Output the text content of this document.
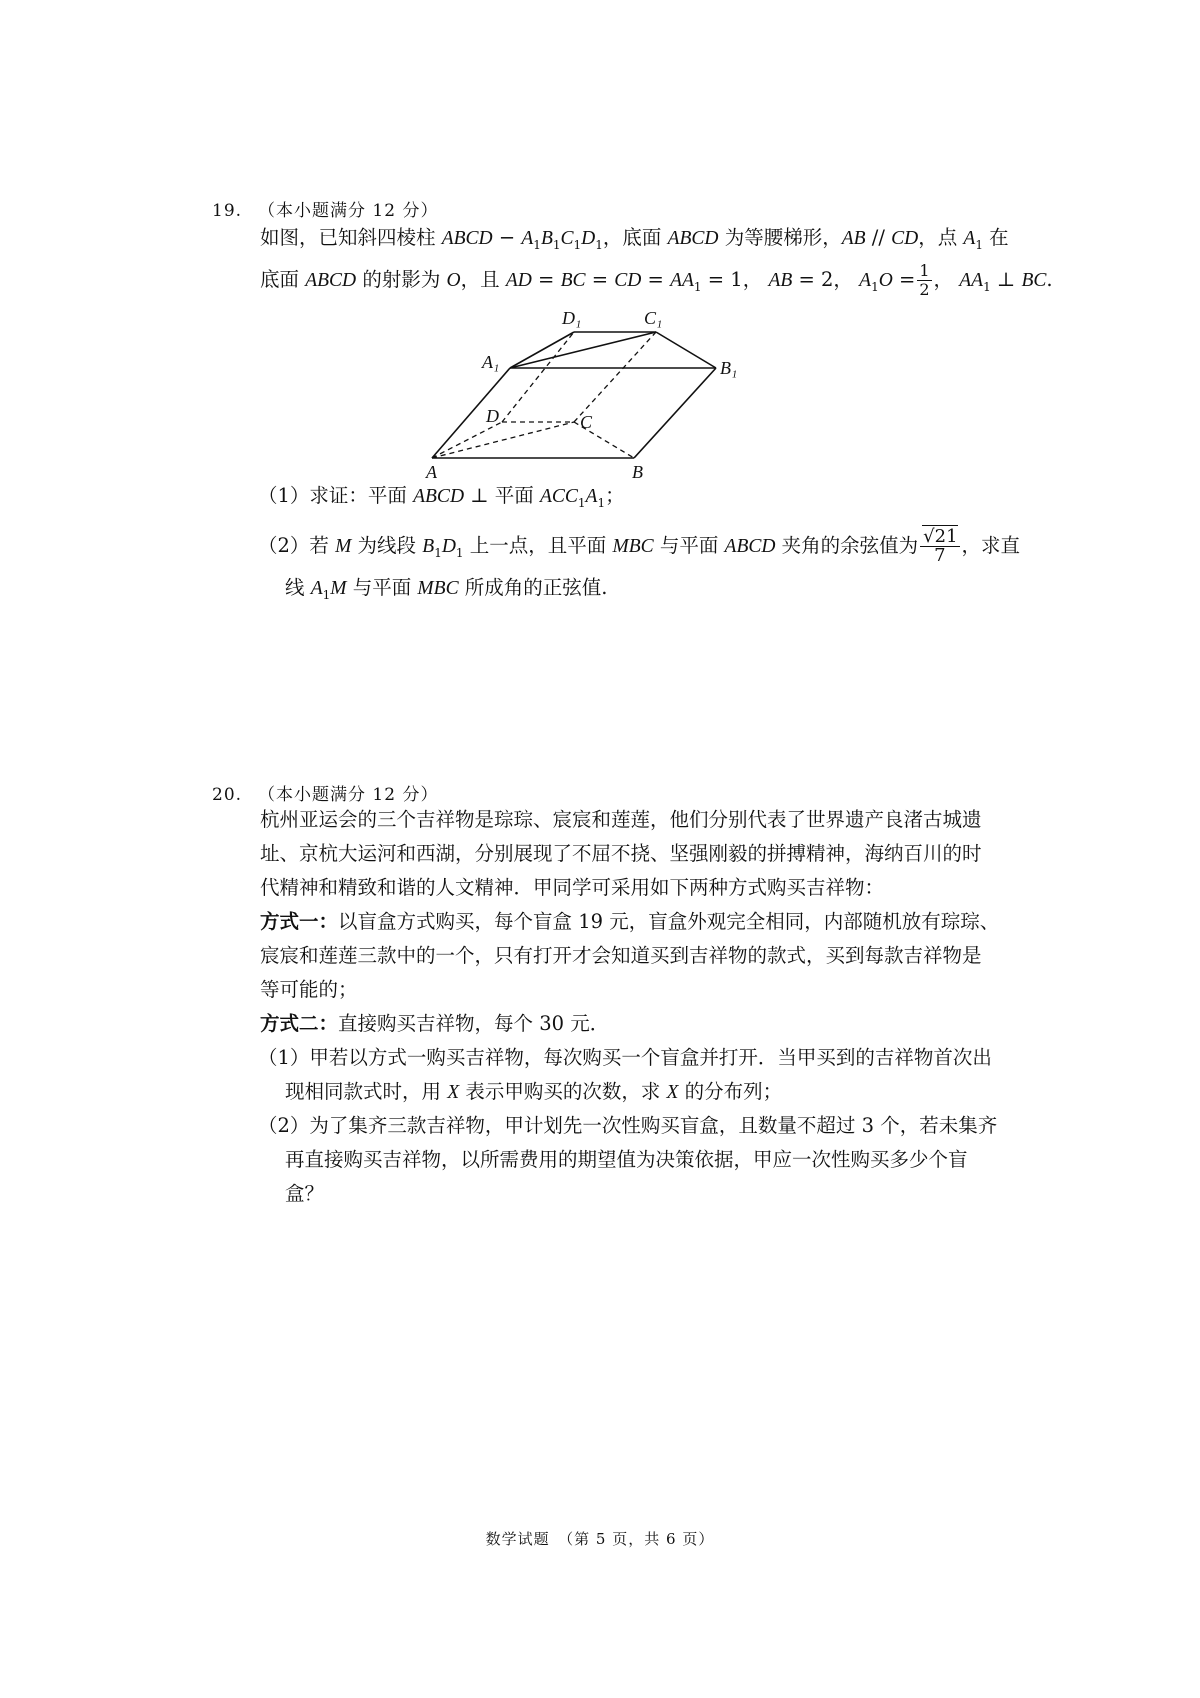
19. （本小题满分 12 分）
如图，已知斜四棱柱 ABCD − $A_1B_1C_1D_1$，底面 ABCD 为等腰梯形，AB // CD，点 $A_1$ 在
底面 ABCD 的射影为 O，且 AD = BC = CD = $AA_1 = 1$， AB = 2， $A_1O = \frac{1}{2}$ ， $AA_1$ ⊥ BC.
D₁	C₁
A₁	B₁
D	C
A	B
（1）求证：平面 ABCD ⊥ 平面 $ACC_1A_1$；
（2）若 M 为线段 $B_1D_1$ 上一点，且平面 MBC 与平面 ABCD 夹角的余弦值为 $\frac{√21}{7}$ ，求直
线 $A_1M$ 与平面 MBC 所成角的正弦值.
20. （本小题满分 12 分）
杭州亚运会的三个吉祥物是琮琮、宸宸和莲莲，他们分别代表了世界遗产良渚古城遗
址、京杭大运河和西湖，分别展现了不屈不挠、坚强刚毅的拼搏精神，海纳百川的时
代精神和精致和谐的人文精神．甲同学可采用如下两种方式购买吉祥物：
方式一：以盲盒方式购买，每个盲盒 19 元，盲盒外观完全相同，内部随机放有琮琮、
宸宸和莲莲三款中的一个，只有打开才会知道买到吉祥物的款式，买到每款吉祥物是
等可能的；
方式二：直接购买吉祥物，每个 30 元．
（1）甲若以方式一购买吉祥物，每次购买一个盲盒并打开．当甲买到的吉祥物首次出
现相同款式时，用 X 表示甲购买的次数，求 X 的分布列；
（2）为了集齐三款吉祥物，甲计划先一次性购买盲盒，且数量不超过 3 个，若未集齐
再直接购买吉祥物，以所需费用的期望值为决策依据，甲应一次性购买多少个盲
盒？
数学试题　（第 5 页，共 6 页）
